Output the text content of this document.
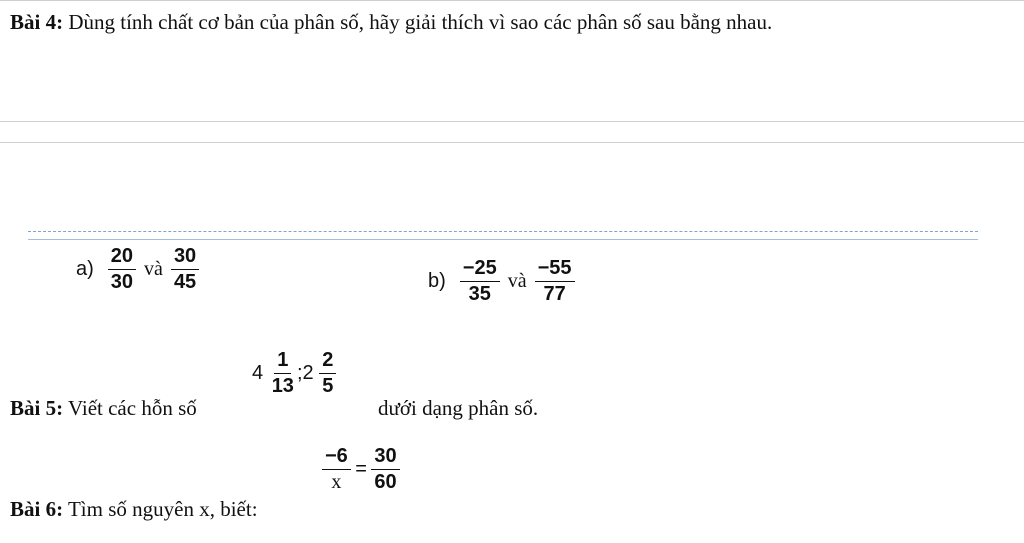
Bài 4: Dùng tính chất cơ bản của phân số, hãy giải thích vì sao các phân số sau bằng nhau.
$a) \frac{20}{30}$ và $\frac{30}{45}$	$b) \frac{-25}{35}$ và $\frac{-55}{77}$
Bài 5: Viết các hỗn số
$4 \frac{1}{13}$ ;2 $\frac{2}{5}$
dưới dạng phân số.
Bài 6: Tìm số nguyên x, biết:
$\frac{-6}{x} = \frac{30}{60}$
